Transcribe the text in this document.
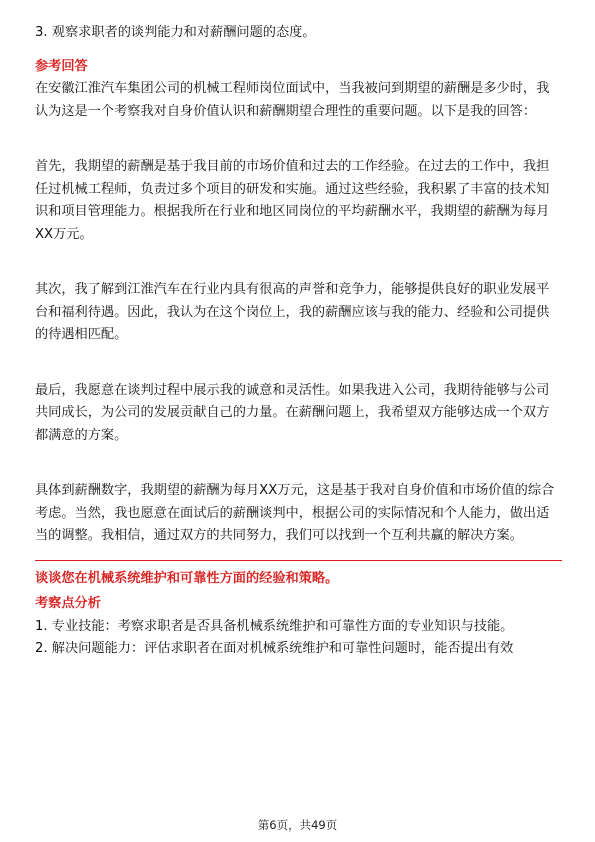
3. 观察求职者的谈判能力和对薪酬问题的态度。

参考回答

在安徽江淮汽车集团公司的机械工程师岗位面试中，当我被问到期望的薪酬是多少时，我认为这是一个考察我对自身价值认识和薪酬期望合理性的重要问题。以下是我的回答：

首先，我期望的薪酬是基于我目前的市场价值和过去的工作经验。在过去的工作中，我担任过机械工程师，负责过多个项目的研发和实施。通过这些经验，我积累了丰富的技术知识和项目管理能力。根据我所在行业和地区同岗位的平均薪酬水平，我期望的薪酬为每月XX万元。

其次，我了解到江淮汽车在行业内具有很高的声誉和竞争力，能够提供良好的职业发展平台和福利待遇。因此，我认为在这个岗位上，我的薪酬应该与我的能力、经验和公司提供的待遇相匹配。

最后，我愿意在谈判过程中展示我的诚意和灵活性。如果我进入公司，我期待能够与公司共同成长，为公司的发展贡献自己的力量。在薪酬问题上，我希望双方能够达成一个双方都满意的方案。

具体到薪酬数字，我期望的薪酬为每月XX万元，这是基于我对自身价值和市场价值的综合考虑。当然，我也愿意在面试后的薪酬谈判中，根据公司的实际情况和个人能力，做出适当的调整。我相信，通过双方的共同努力，我们可以找到一个互利共赢的解决方案。

谈谈您在机械系统维护和可靠性方面的经验和策略。

考察点分析

1. 专业技能：考察求职者是否具备机械系统维护和可靠性方面的专业知识与技能。

2. 解决问题能力：评估求职者在面对机械系统维护和可靠性问题时，能否提出有效

第6页，共49页
